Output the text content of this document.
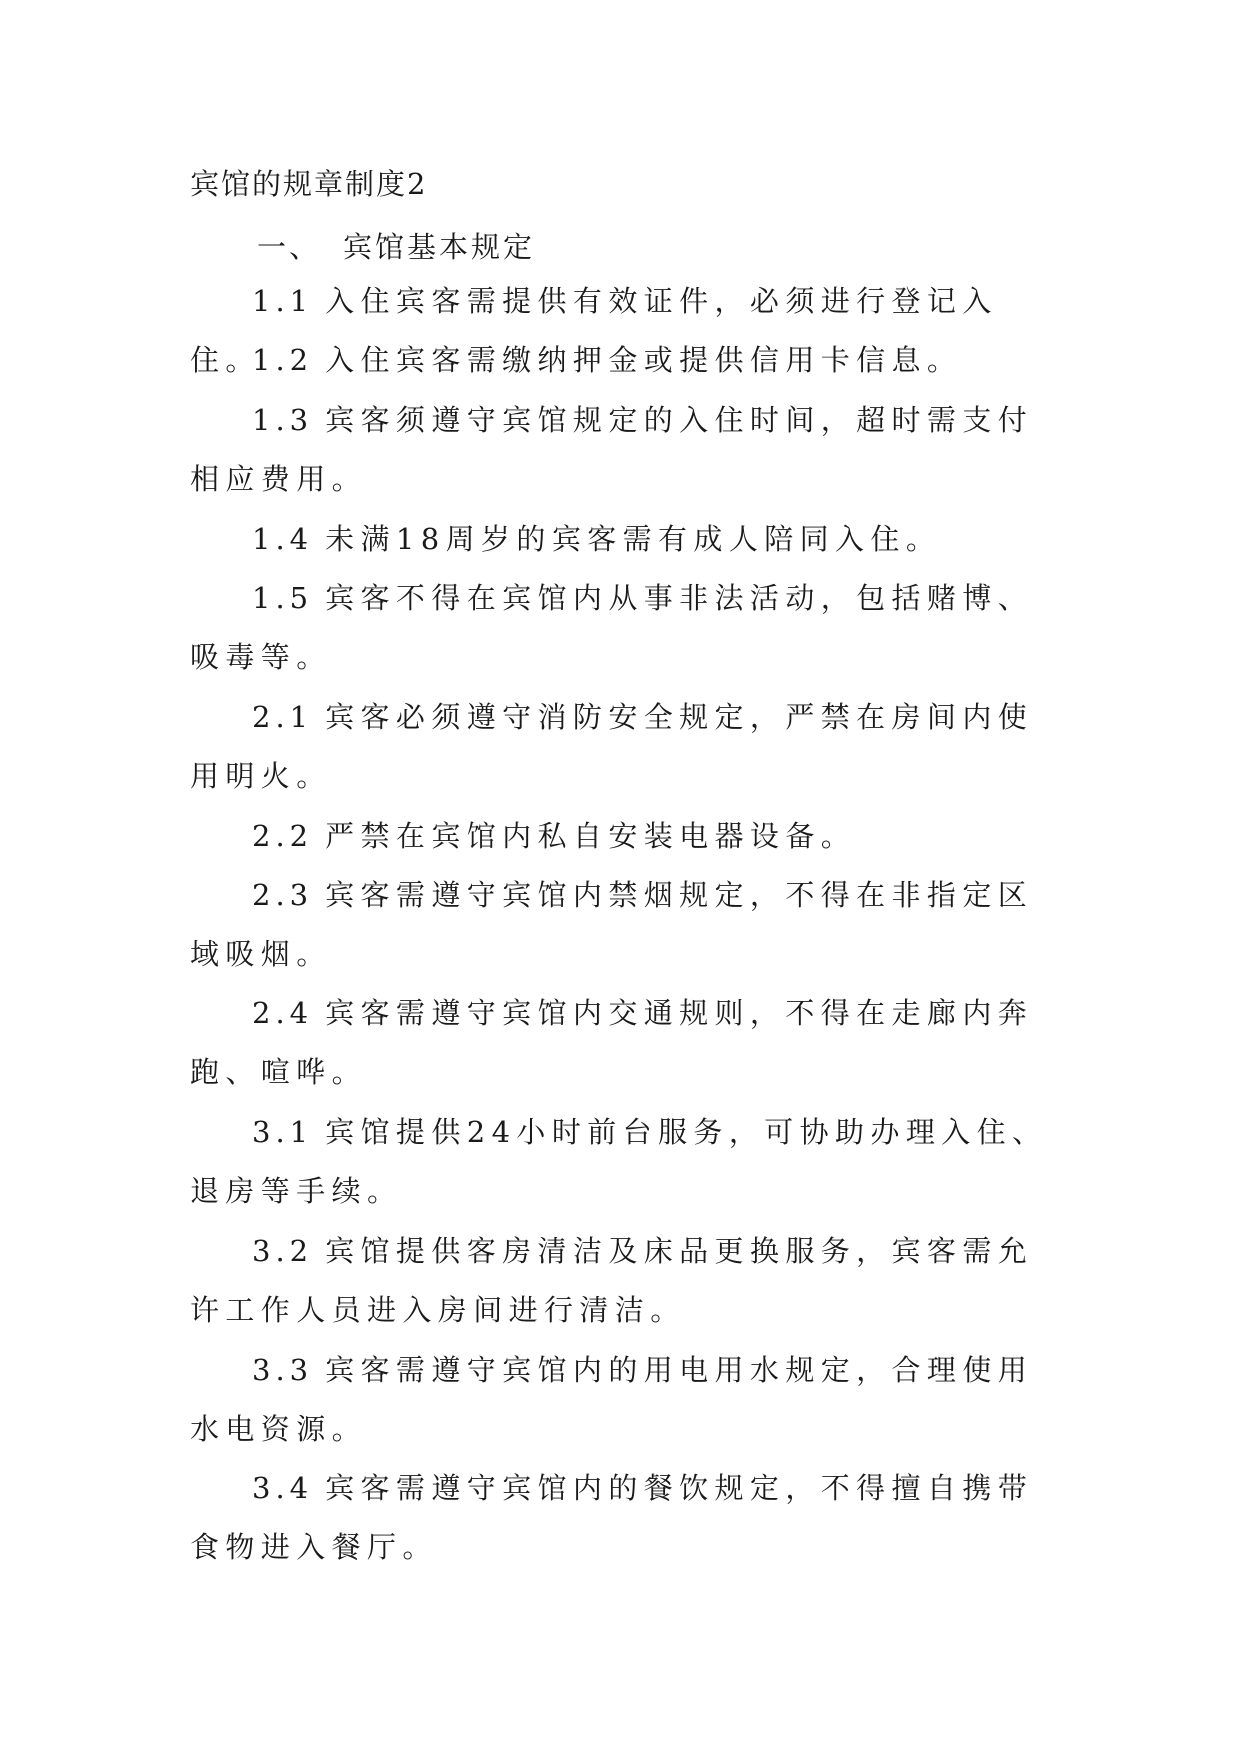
宾馆的规章制度2
一、 宾馆基本规定

1.1 入住宾客需提供有效证件，必须进行登记入住。

1.2 入住宾客需缴纳押金或提供信用卡信息。

1.3 宾客须遵守宾馆规定的入住时间，超时需支付相应费用。

1.4 未满18周岁的宾客需有成人陪同入住。

1.5 宾客不得在宾馆内从事非法活动，包括赌博、吸毒等。

2.1 宾客必须遵守消防安全规定，严禁在房间内使用明火。

2.2 严禁在宾馆内私自安装电器设备。

2.3 宾客需遵守宾馆内禁烟规定，不得在非指定区域吸烟。

2.4 宾客需遵守宾馆内交通规则，不得在走廊内奔跑、喧哗。

3.1 宾馆提供24小时前台服务，可协助办理入住、退房等手续。

3.2 宾馆提供客房清洁及床品更换服务，宾客需允许工作人员进入房间进行清洁。

3.3 宾客需遵守宾馆内的用电用水规定，合理使用水电资源。

3.4 宾客需遵守宾馆内的餐饮规定，不得擅自携带食物进入餐厅。
